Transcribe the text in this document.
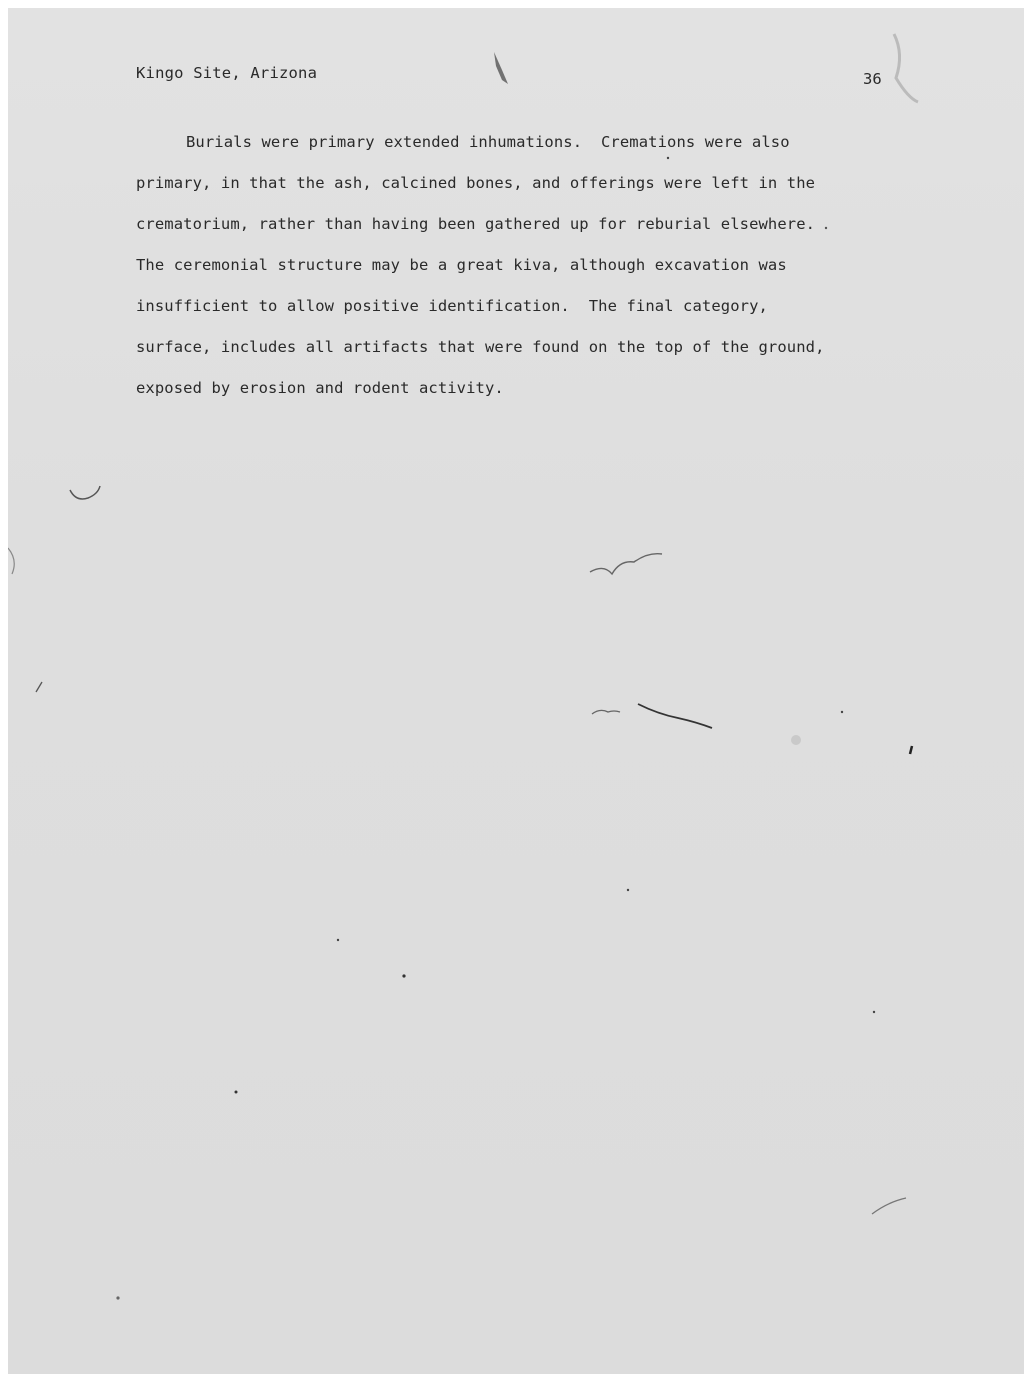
Kingo Site, Arizona	36
Burials were primary extended inhumations.  Cremations were also
primary, in that the ash, calcined bones, and offerings were left in the
crematorium, rather than having been gathered up for reburial elsewhere.
The ceremonial structure may be a great kiva, although excavation was
insufficient to allow positive identification.  The final category,
surface, includes all artifacts that were found on the top of the ground,
exposed by erosion and rodent activity.
